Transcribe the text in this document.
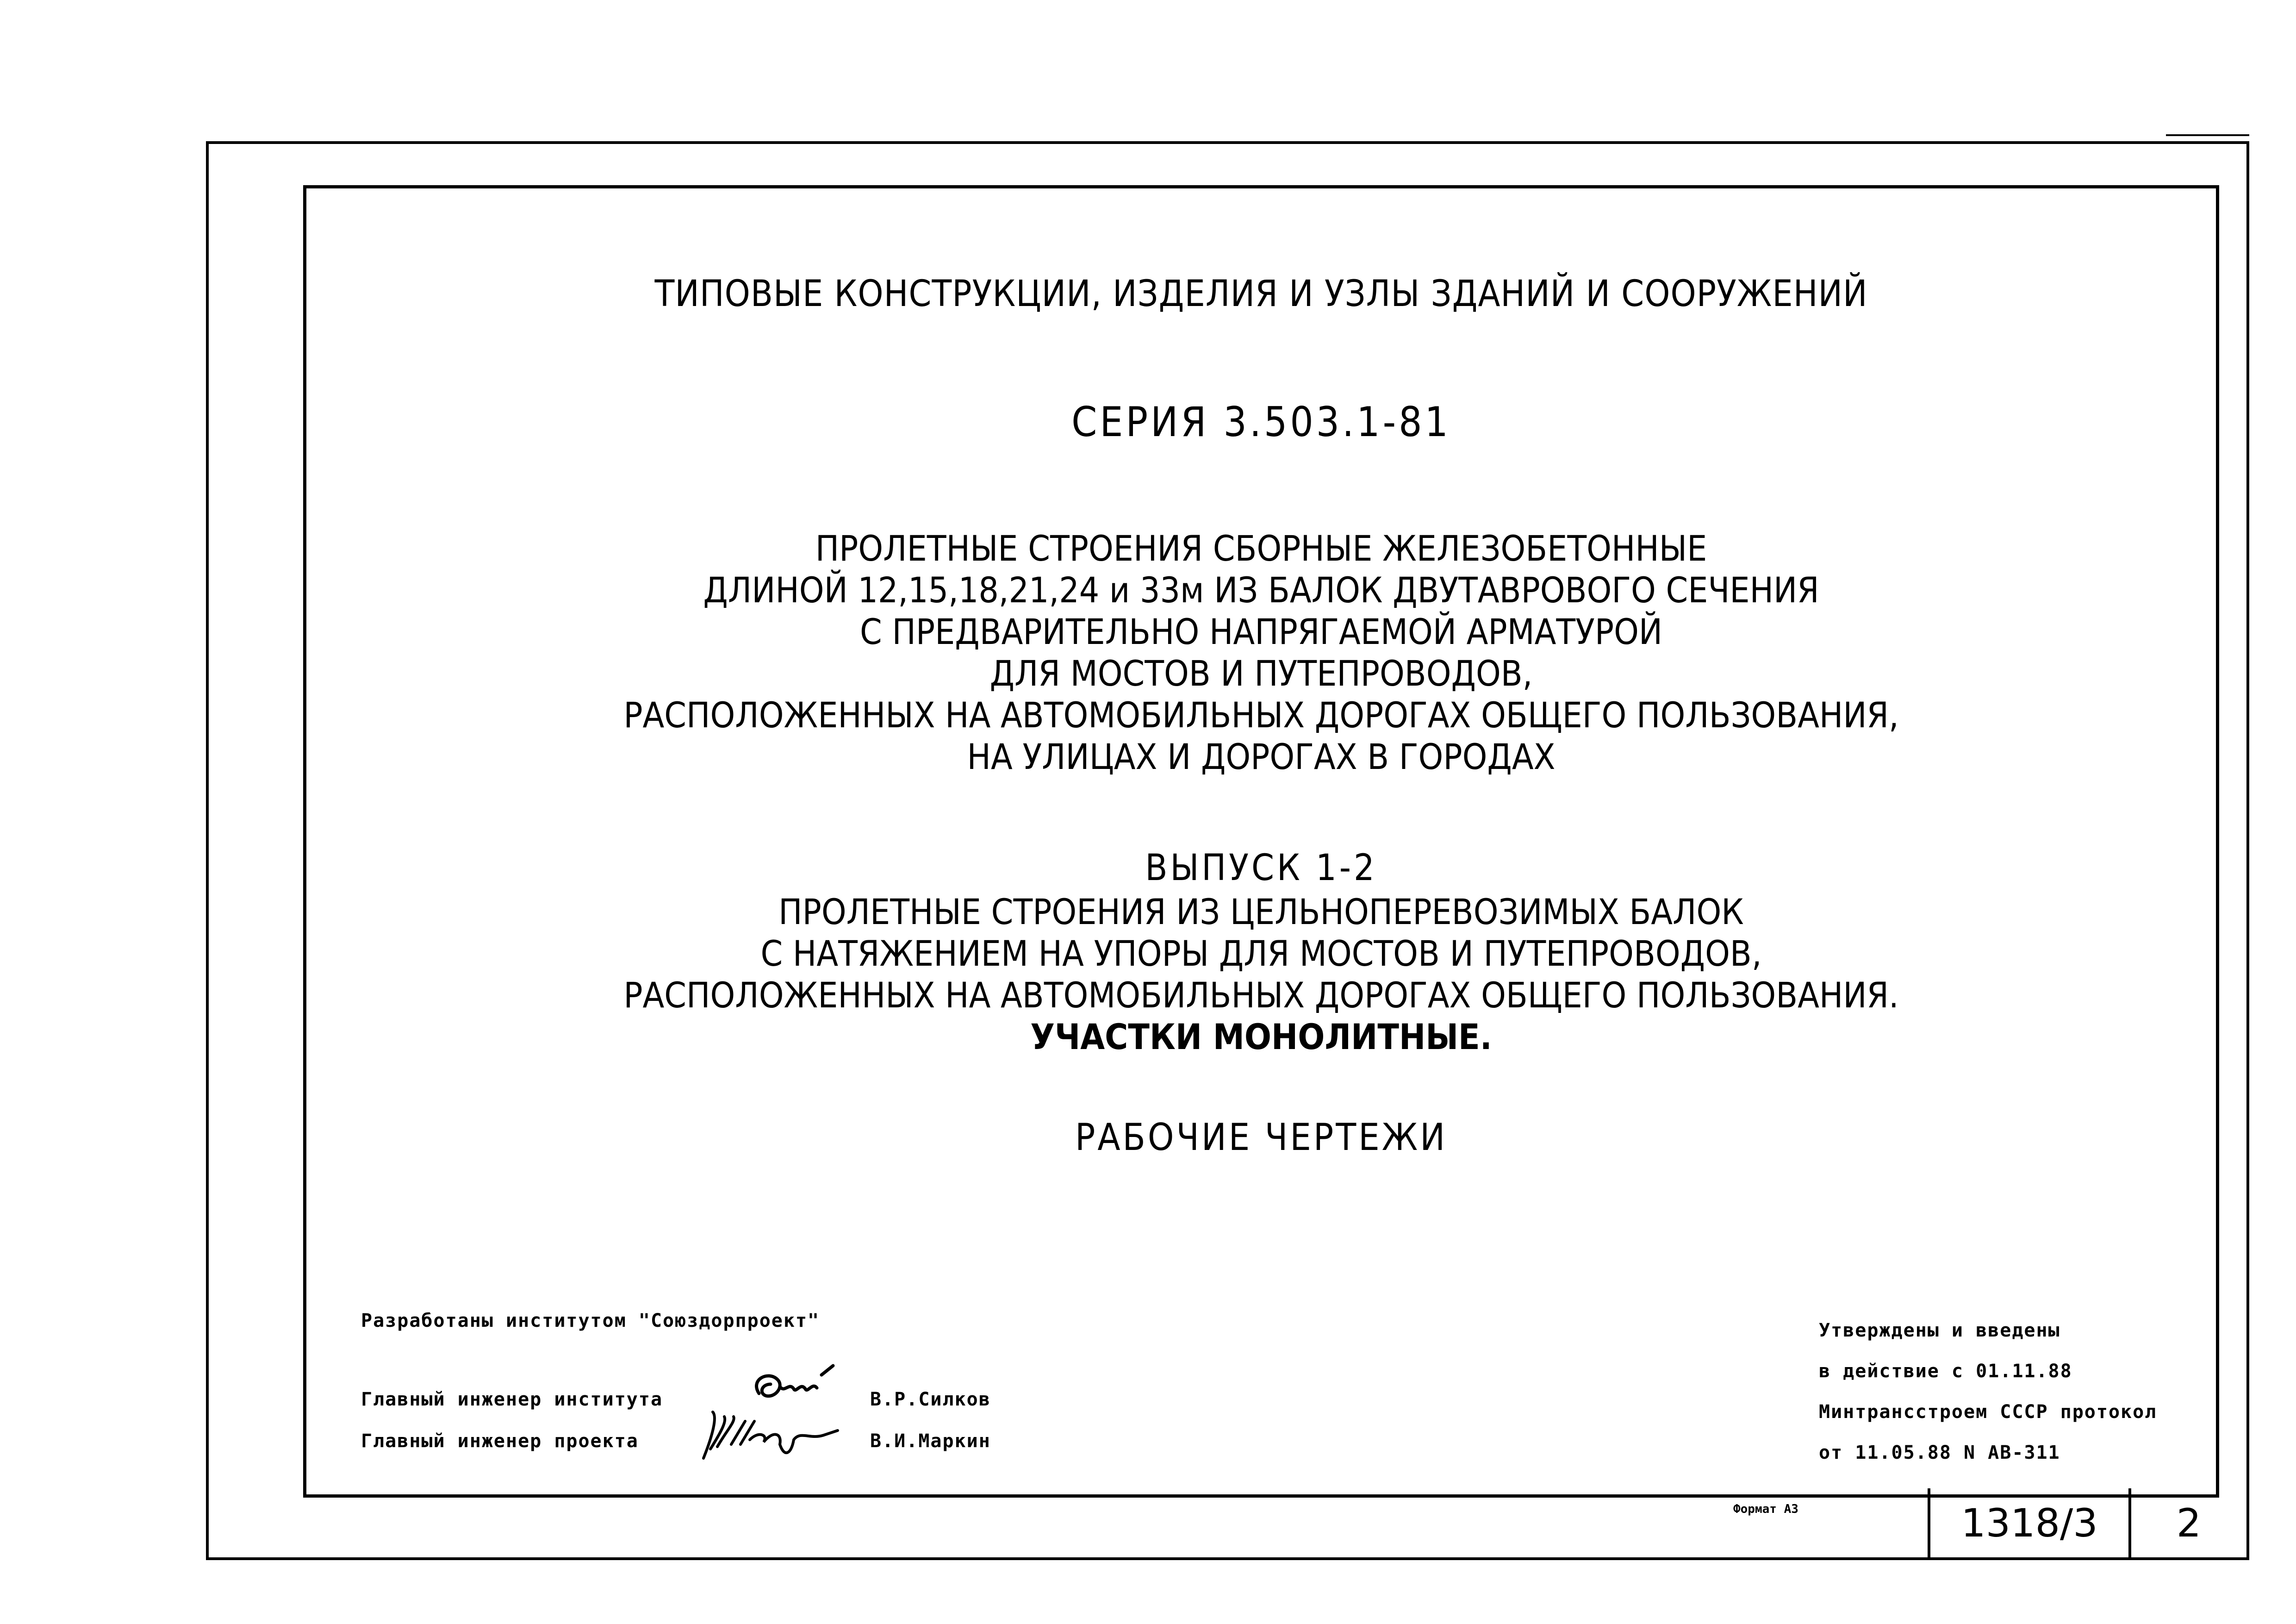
ТИПОВЫЕ КОНСТРУКЦИИ, ИЗДЕЛИЯ И УЗЛЫ ЗДАНИЙ И СООРУЖЕНИЙ
СЕРИЯ 3.503.1-81
ПРОЛЕТНЫЕ СТРОЕНИЯ СБОРНЫЕ ЖЕЛЕЗОБЕТОННЫЕ
ДЛИНОЙ 12,15,18,21,24 и 33м ИЗ БАЛОК ДВУТАВРОВОГО СЕЧЕНИЯ
С ПРЕДВАРИТЕЛЬНО НАПРЯГАЕМОЙ АРМАТУРОЙ
ДЛЯ МОСТОВ И ПУТЕПРОВОДОВ,
РАСПОЛОЖЕННЫХ НА АВТОМОБИЛЬНЫХ ДОРОГАХ ОБЩЕГО ПОЛЬЗОВАНИЯ,
НА УЛИЦАХ И ДОРОГАХ В ГОРОДАХ
ВЫПУСК 1-2
ПРОЛЕТНЫЕ СТРОЕНИЯ ИЗ ЦЕЛЬНОПЕРЕВОЗИМЫХ БАЛОК
С НАТЯЖЕНИЕМ НА УПОРЫ ДЛЯ МОСТОВ И ПУТЕПРОВОДОВ,
РАСПОЛОЖЕННЫХ НА АВТОМОБИЛЬНЫХ ДОРОГАХ ОБЩЕГО ПОЛЬЗОВАНИЯ.
УЧАСТКИ МОНОЛИТНЫЕ.
РАБОЧИЕ ЧЕРТЕЖИ
Разработаны институтом "Союздорпроект"
Главный инженер института	В.Р.Силков
Главный инженер проекта	В.И.Маркин
Утверждены и введены
в действие с 01.11.88
Минтрансстроем СССР протокол
от 11.05.88 N АВ-311
Формат А3	1318/3	2
